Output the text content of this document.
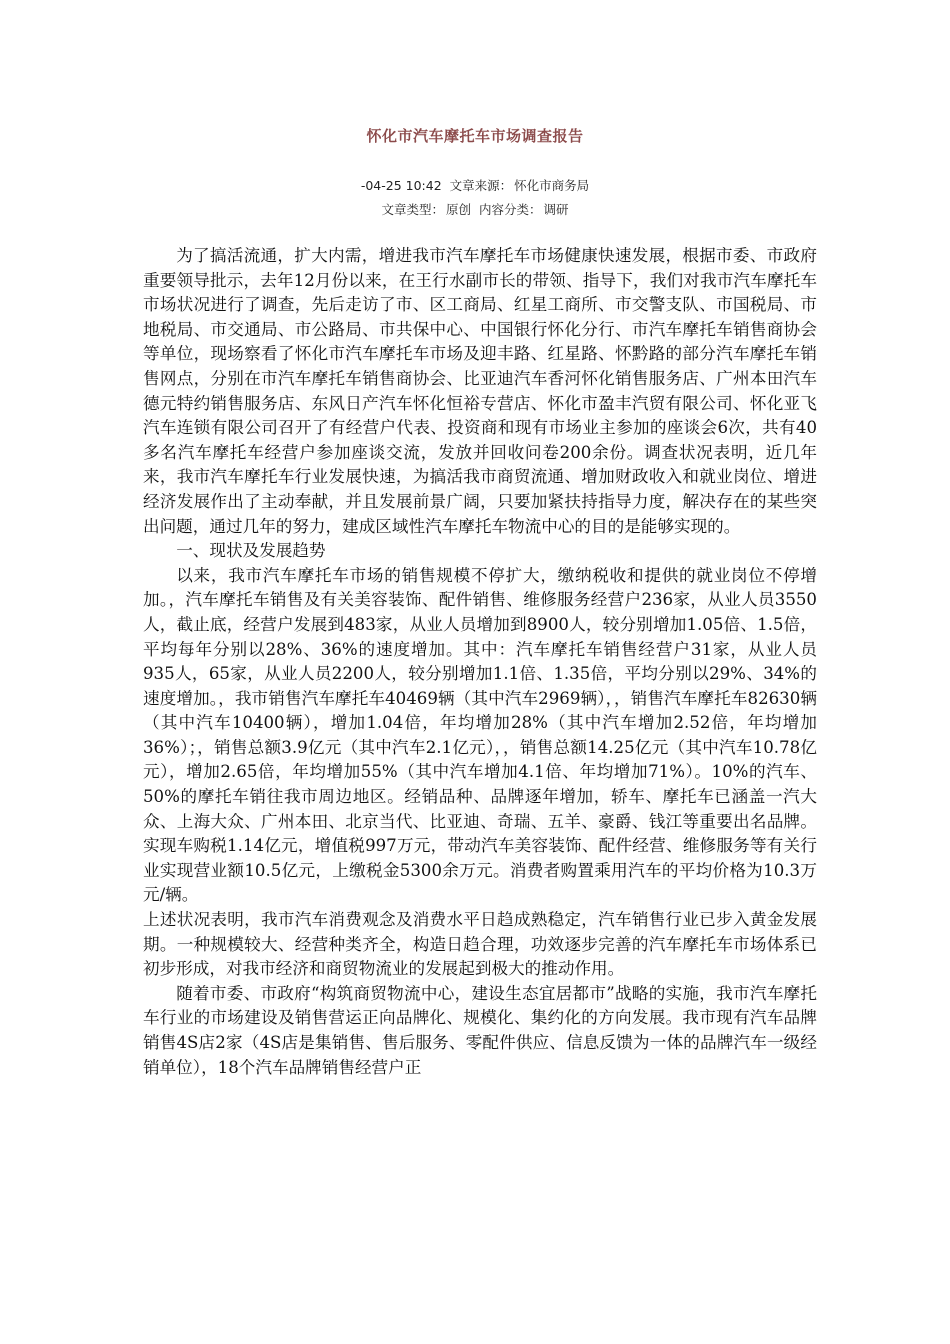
怀化市汽车摩托车市场调查报告
-04-25 10:42 文章来源： 怀化市商务局
文章类型： 原创 内容分类： 调研

为了搞活流通，扩大内需，增进我市汽车摩托车市场健康快速发展，根据市委、市政府重要领导批示，去年12月份以来，在王行水副市长的带领、指导下，我们对我市汽车摩托车市场状况进行了调查，先后走访了市、区工商局、红星工商所、市交警支队、市国税局、市地税局、市交通局、市公路局、市共保中心、中国银行怀化分行、市汽车摩托车销售商协会等单位，现场察看了怀化市汽车摩托车市场及迎丰路、红星路、怀黔路的部分汽车摩托车销售网点，分别在市汽车摩托车销售商协会、比亚迪汽车香河怀化销售服务店、广州本田汽车德元特约销售服务店、东风日产汽车怀化恒裕专营店、怀化市盈丰汽贸有限公司、怀化亚飞汽车连锁有限公司召开了有经营户代表、投资商和现有市场业主参加的座谈会6次，共有40多名汽车摩托车经营户参加座谈交流，发放并回收问卷200余份。调查状况表明，近几年来，我市汽车摩托车行业发展快速，为搞活我市商贸流通、增加财政收入和就业岗位、增进经济发展作出了主动奉献，并且发展前景广阔，只要加紧扶持指导力度，解决存在的某些突出问题，通过几年的努力，建成区域性汽车摩托车物流中心的目的是能够实现的。

一、现状及发展趋势

以来，我市汽车摩托车市场的销售规模不停扩大，缴纳税收和提供的就业岗位不停增加。，汽车摩托车销售及有关美容装饰、配件销售、维修服务经营户236家，从业人员3550人，截止底，经营户发展到483家，从业人员增加到8900人，较分别增加1.05倍、1.5倍，平均每年分别以28%、36%的速度增加。其中：汽车摩托车销售经营户31家，从业人员935人，65家，从业人员2200人，较分别增加1.1倍、1.35倍，平均分别以29%、34%的速度增加。，我市销售汽车摩托车40469辆（其中汽车2969辆），，销售汽车摩托车82630辆（其中汽车10400辆），增加1.04倍，年均增加28%（其中汽车增加2.52倍，年均增加36%）；，销售总额3.9亿元（其中汽车2.1亿元），，销售总额14.25亿元（其中汽车10.78亿元），增加2.65倍，年均增加55%（其中汽车增加4.1倍、年均增加71%）。10%的汽车、50%的摩托车销往我市周边地区。经销品种、品牌逐年增加，轿车、摩托车已涵盖一汽大众、上海大众、广州本田、北京当代、比亚迪、奇瑞、五羊、豪爵、钱江等重要出名品牌。实现车购税1.14亿元，增值税997万元，带动汽车美容装饰、配件经营、维修服务等有关行业实现营业额10.5亿元，上缴税金5300余万元。消费者购置乘用汽车的平均价格为10.3万元/辆。

上述状况表明，我市汽车消费观念及消费水平日趋成熟稳定，汽车销售行业已步入黄金发展期。一种规模较大、经营种类齐全，构造日趋合理，功效逐步完善的汽车摩托车市场体系已初步形成，对我市经济和商贸物流业的发展起到极大的推动作用。

随着市委、市政府“构筑商贸物流中心，建设生态宜居都市”战略的实施，我市汽车摩托车行业的市场建设及销售营运正向品牌化、规模化、集约化的方向发展。我市现有汽车品牌销售4S店2家（4S店是集销售、售后服务、零配件供应、信息反馈为一体的品牌汽车一级经销单位），18个汽车品牌销售经营户正
